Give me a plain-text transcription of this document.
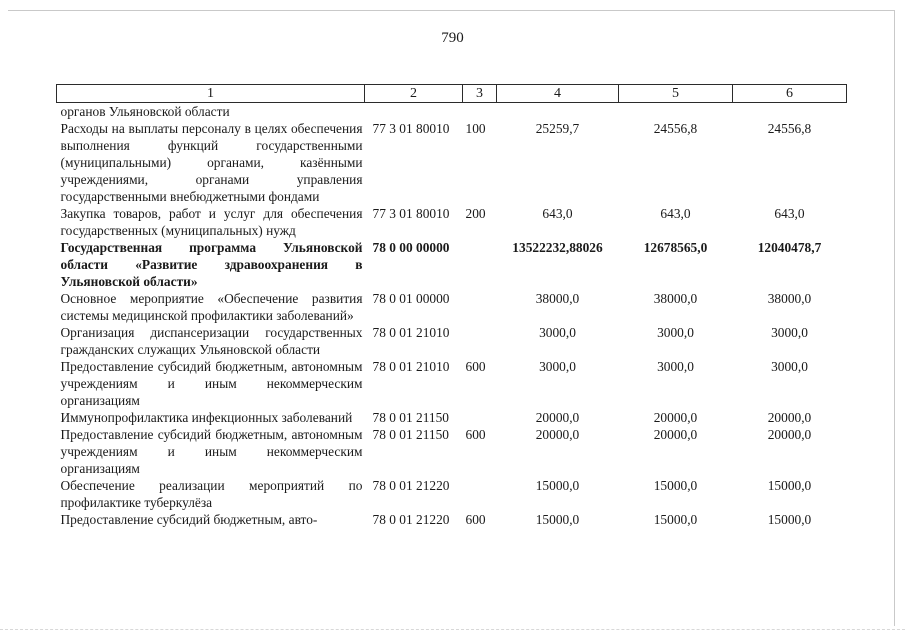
790
1	2	3	4	5	6
органов Ульяновской области					
Расходы на выплаты персоналу в целях обеспечения выполнения функций государственными (муниципальными) органами, казёнными учреждениями, органами управления государственными внебюджетными фондами	77 3 01 80010	100	25259,7	24556,8	24556,8
Закупка товаров, работ и услуг для обеспечения государственных (муниципальных) нужд	77 3 01 80010	200	643,0	643,0	643,0
Государственная программа Ульяновской области «Развитие здравоохранения в Ульяновской области»	78 0 00 00000		13522232,88026	12678565,0	12040478,7
Основное мероприятие «Обеспечение развития системы медицинской профилактики заболеваний»	78 0 01 00000		38000,0	38000,0	38000,0
Организация диспансеризации государственных гражданских служащих Ульяновской области	78 0 01 21010		3000,0	3000,0	3000,0
Предоставление субсидий бюджетным, автономным учреждениям и иным некоммерческим организациям	78 0 01 21010	600	3000,0	3000,0	3000,0
Иммунопрофилактика инфекционных заболеваний	78 0 01 21150		20000,0	20000,0	20000,0
Предоставление субсидий бюджетным, автономным учреждениям и иным некоммерческим организациям	78 0 01 21150	600	20000,0	20000,0	20000,0
Обеспечение реализации мероприятий по профилактике туберкулёза	78 0 01 21220		15000,0	15000,0	15000,0
Предоставление субсидий бюджетным, авто-	78 0 01 21220	600	15000,0	15000,0	15000,0
